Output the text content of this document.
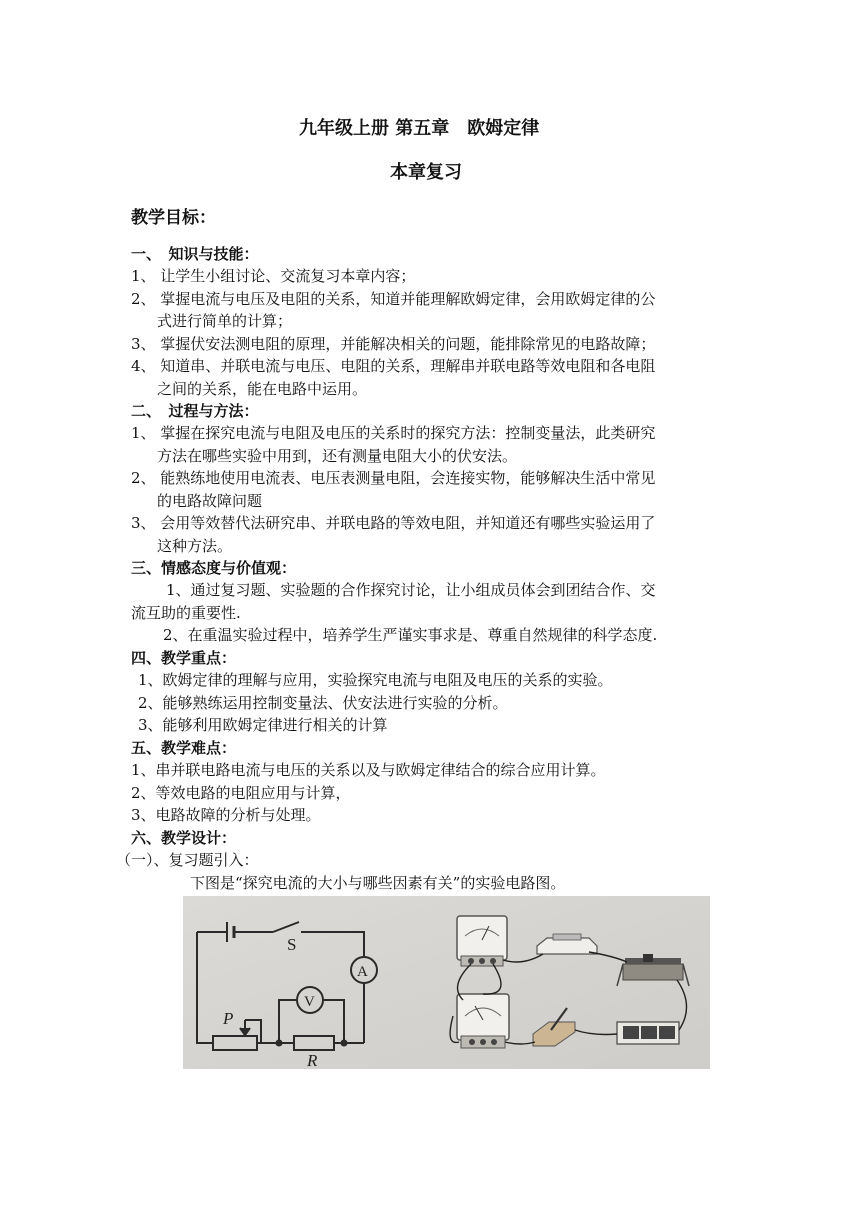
九年级上册 第五章　欧姆定律
本章复习
教学目标：
一、　知识与技能：
1、 让学生小组讨论、交流复习本章内容；
2、 掌握电流与电压及电阻的关系，知道并能理解欧姆定律，会用欧姆定律的公
式进行简单的计算；
3、 掌握伏安法测电阻的原理，并能解决相关的问题，能排除常见的电路故障；
4、 知道串、并联电流与电压、电阻的关系，理解串并联电路等效电阻和各电阻
之间的关系，能在电路中运用。
二、　过程与方法：
1、 掌握在探究电流与电阻及电压的关系时的探究方法：控制变量法，此类研究
方法在哪些实验中用到，还有测量电阻大小的伏安法。
2、 能熟练地使用电流表、电压表测量电阻，会连接实物，能够解决生活中常见
的电路故障问题
3、 会用等效替代法研究串、并联电路的等效电阻，并知道还有哪些实验运用了
这种方法。
三、情感态度与价值观：
1、通过复习题、实验题的合作探究讨论，让小组成员体会到团结合作、交
流互助的重要性.
2、在重温实验过程中，培养学生严谨实事求是、尊重自然规律的科学态度.
四、教学重点：
1、欧姆定律的理解与应用，实验探究电流与电阻及电压的关系的实验。
2、能够熟练运用控制变量法、伏安法进行实验的分析。
3、能够利用欧姆定律进行相关的计算
五、教学难点：
1、串并联电路电流与电压的关系以及与欧姆定律结合的综合应用计算。
2、等效电路的电阻应用与计算，
3、电路故障的分析与处理。
六、教学设计：
（一）、复习题引入：
下图是“探究电流的大小与哪些因素有关”的实验电路图。
S
A
V
P
R
